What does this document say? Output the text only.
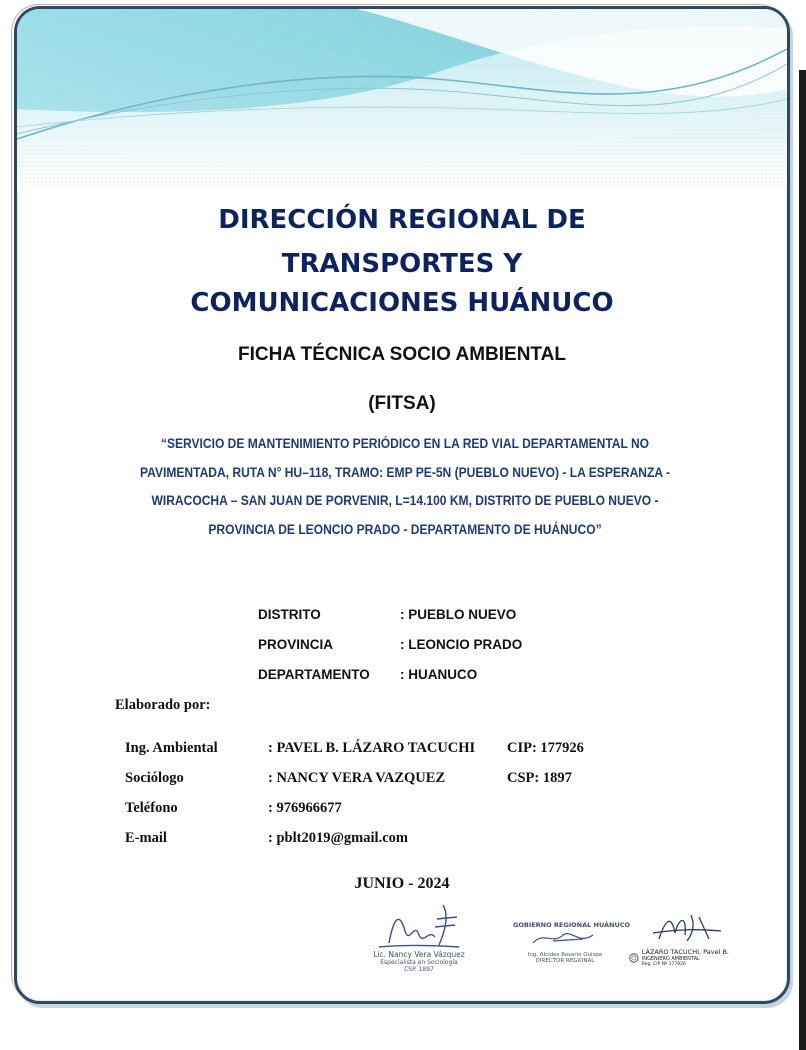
DIRECCIÓN REGIONAL DE
TRANSPORTES Y
COMUNICACIONES HUÁNUCO
FICHA TÉCNICA SOCIO AMBIENTAL
(FITSA)
“SERVICIO DE MANTENIMIENTO PERIÓDICO EN LA RED VIAL DEPARTAMENTAL NO
PAVIMENTADA, RUTA N° HU–118, TRAMO: EMP PE-5N (PUEBLO NUEVO) - LA ESPERANZA -
WIRACOCHA – SAN JUAN DE PORVENIR, L=14.100 KM, DISTRITO DE PUEBLO NUEVO -
PROVINCIA DE LEONCIO PRADO - DEPARTAMENTO DE HUÁNUCO”
DISTRITO	: PUEBLO NUEVO
PROVINCIA	: LEONCIO PRADO
DEPARTAMENTO : HUANUCO
Elaborado por:
Ing. Ambiental	: PAVEL B. LÁZARO TACUCHI CIP: 177926
Sociólogo	: NANCY VERA VAZQUEZ	CSP: 1897
Teléfono	: 976966677
E-mail	: pblt2019@gmail.com
JUNIO - 2024
Lic. Nancy Vera Vázquez
Especialista en Sociología
CSP. 1897
GOBIERNO REGIONAL HUÁNUCO
Ing. Alcides Rosario Quispe
DIRECTOR REGIONAL
LÁZARO TACUCHI, Pavel B.
INGENIERO AMBIENTAL
Reg. CIP Nº 177926
